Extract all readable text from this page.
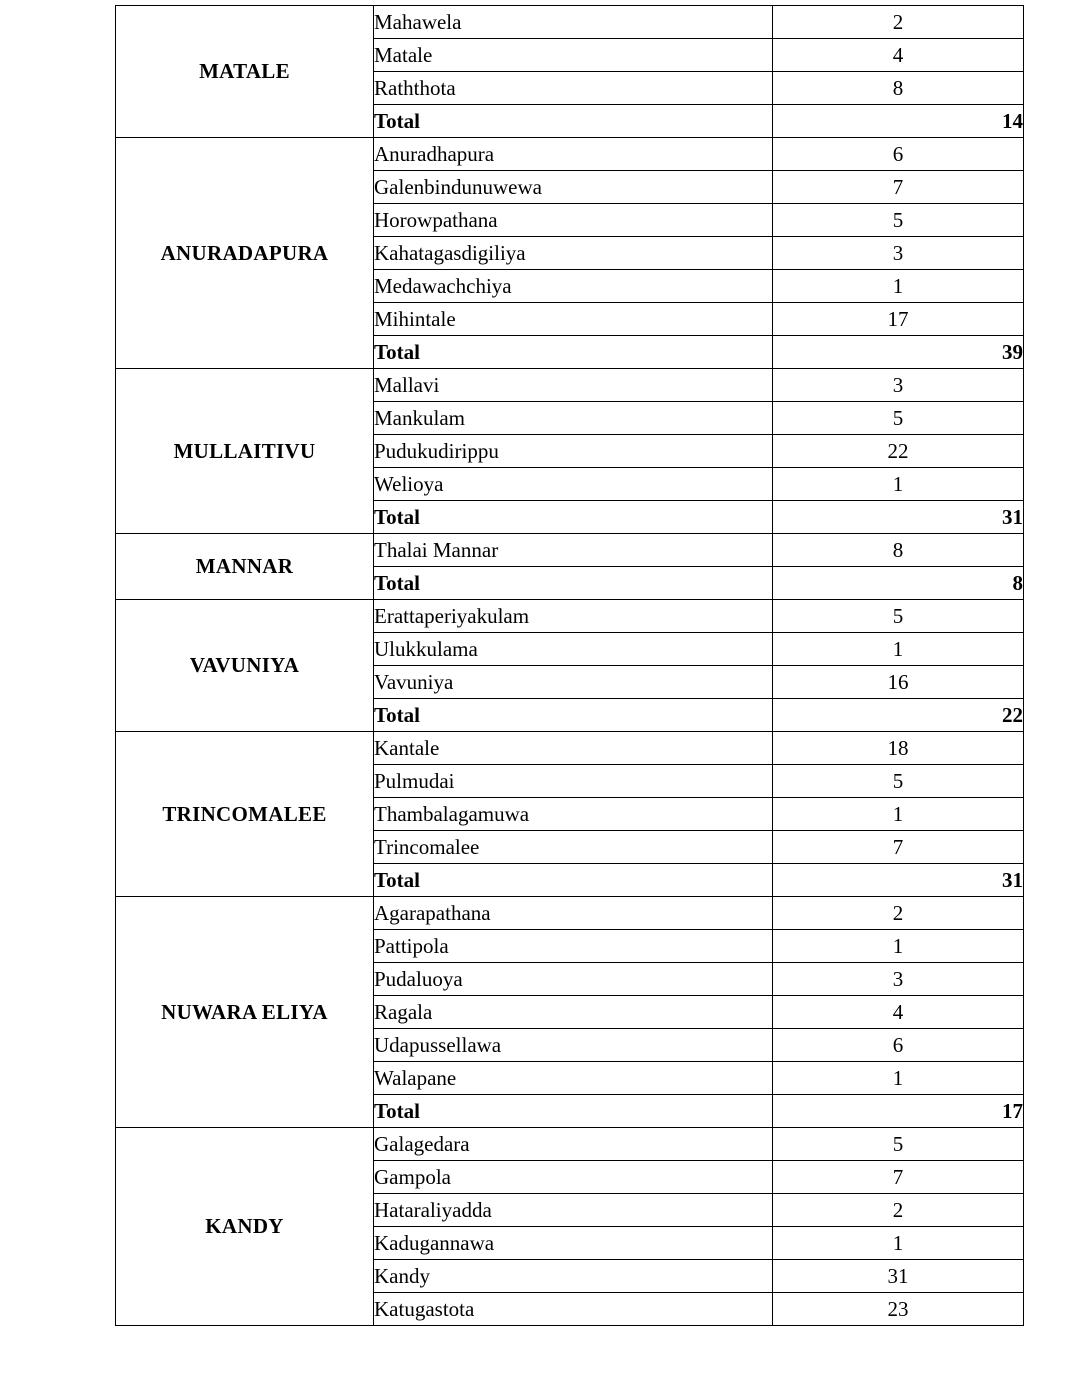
MATALE	Mahawela	2
	Matale	4
	Raththota	8
	Total	14
ANURADAPURA	Anuradhapura	6
	Galenbindunuwewa	7
	Horowpathana	5
	Kahatagasdigiliya	3
	Medawachchiya	1
	Mihintale	17
	Total	39
MULLAITIVU	Mallavi	3
	Mankulam	5
	Pudukudirippu	22
	Welioya	1
	Total	31
MANNAR	Thalai Mannar	8
	Total	8
VAVUNIYA	Erattaperiyakulam	5
	Ulukkulama	1
	Vavuniya	16
	Total	22
TRINCOMALEE	Kantale	18
	Pulmudai	5
	Thambalagamuwa	1
	Trincomalee	7
	Total	31
NUWARA ELIYA	Agarapathana	2
	Pattipola	1
	Pudaluoya	3
	Ragala	4
	Udapussellawa	6
	Walapane	1
	Total	17
KANDY	Galagedara	5
	Gampola	7
	Hataraliyadda	2
	Kadugannawa	1
	Kandy	31
	Katugastota	23
